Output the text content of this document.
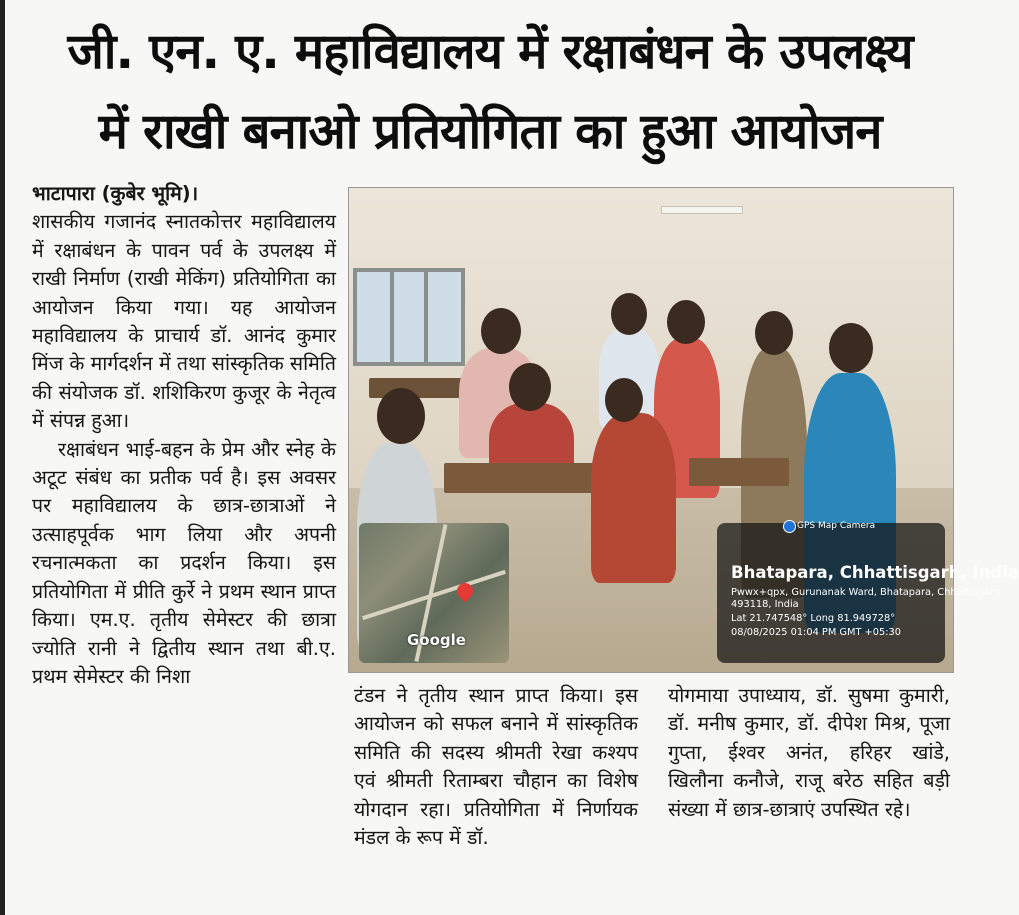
जी. एन. ए. महाविद्यालय में रक्षाबंधन के उपलक्ष्य
में राखी बनाओ प्रतियोगिता का हुआ आयोजन

भाटापारा (कुबेर भूमि)।
शासकीय गजानंद स्नातकोत्तर महाविद्यालय में रक्षाबंधन के पावन पर्व के उपलक्ष्य में राखी निर्माण (राखी मेकिंग) प्रतियोगिता का आयोजन किया गया। यह आयोजन महाविद्यालय के प्राचार्य डॉ. आनंद कुमार मिंज के मार्गदर्शन में तथा सांस्कृतिक समिति की संयोजक डॉ. शशिकिरण कुजूर के नेतृत्व में संपन्न हुआ।

रक्षाबंधन भाई-बहन के प्रेम और स्नेह के अटूट संबंध का प्रतीक पर्व है। इस अवसर पर महाविद्यालय के छात्र-छात्राओं ने उत्साहपूर्वक भाग लिया और अपनी रचनात्मकता का प्रदर्शन किया। इस प्रतियोगिता में प्रीति कुर्रे ने प्रथम स्थान प्राप्त किया। एम.ए. तृतीय सेमेस्टर की छात्रा ज्योति रानी ने द्वितीय स्थान तथा बी.ए. प्रथम सेमेस्टर की निशा

Google
GPS Map Camera
Bhatapara, Chhattisgarh, India
Pwwx+qpx, Gurunanak Ward, Bhatapara, Chhattisgarh
493118, India
Lat 21.747548° Long 81.949728°
08/08/2025 01:04 PM GMT +05:30

टंडन ने तृतीय स्थान प्राप्त किया। इस आयोजन को सफल बनाने में सांस्कृतिक समिति की सदस्य श्रीमती रेखा कश्यप एवं श्रीमती रिताम्बरा चौहान का विशेष योगदान रहा। प्रतियोगिता में निर्णायक मंडल के रूप में डॉ.

योगमाया उपाध्याय, डॉ. सुषमा कुमारी, डॉ. मनीष कुमार, डॉ. दीपेश मिश्र, पूजा गुप्ता, ईश्वर अनंत, हरिहर खांडे, खिलौना कनौजे, राजू बरेठ सहित बड़ी संख्या में छात्र-छात्राएं उपस्थित रहे।
